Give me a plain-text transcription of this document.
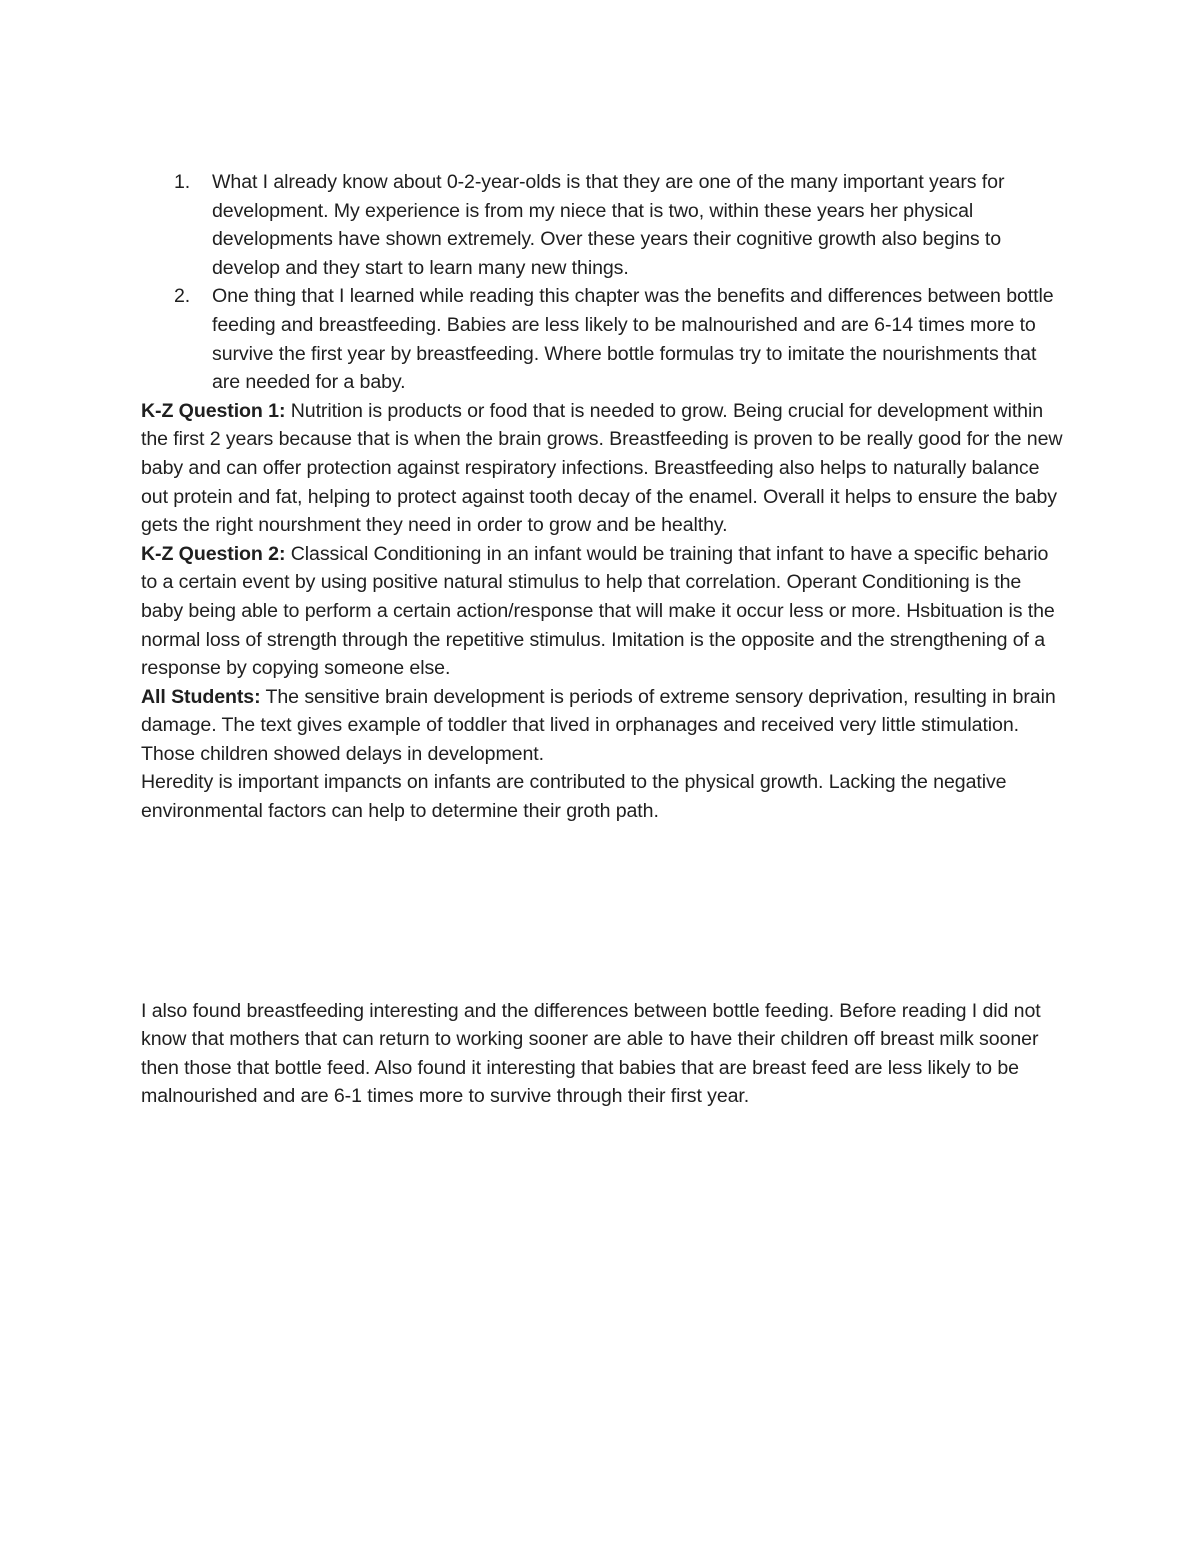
1. What I already know about 0-2-year-olds is that they are one of the many important years for development. My experience is from my niece that is two, within these years her physical developments have shown extremely. Over these years their cognitive growth also begins to develop and they start to learn many new things.
2. One thing that I learned while reading this chapter was the benefits and differences between bottle feeding and breastfeeding. Babies are less likely to be malnourished and are 6-14 times more to survive the first year by breastfeeding. Where bottle formulas try to imitate the nourishments that are needed for a baby.

K-Z Question 1: Nutrition is products or food that is needed to grow. Being crucial for development within the first 2 years because that is when the brain grows. Breastfeeding is proven to be really good for the new baby and can offer protection against respiratory infections. Breastfeeding also helps to naturally balance out protein and fat, helping to protect against tooth decay of the enamel. Overall it helps to ensure the baby gets the right nourshment they need in order to grow and be healthy.

K-Z Question 2: Classical Conditioning in an infant would be training that infant to have a specific behario to a certain event by using positive natural stimulus to help that correlation. Operant Conditioning is the baby being able to perform a certain action/response that will make it occur less or more. Hsbituation is the normal loss of strength through the repetitive stimulus. Imitation is the opposite and the strengthening of a response by copying someone else.

All Students: The sensitive brain development is periods of extreme sensory deprivation, resulting in brain damage. The text gives example of toddler that lived in orphanages and received very little stimulation. Those children showed delays in development.

Heredity is important impancts on infants are contributed to the physical growth. Lacking the negative environmental factors can help to determine their groth path.

I also found breastfeeding interesting and the differences between bottle feeding. Before reading I did not know that mothers that can return to working sooner are able to have their children off breast milk sooner then those that bottle feed. Also found it interesting that babies that are breast feed are less likely to be malnourished and are 6-1 times more to survive through their first year.
